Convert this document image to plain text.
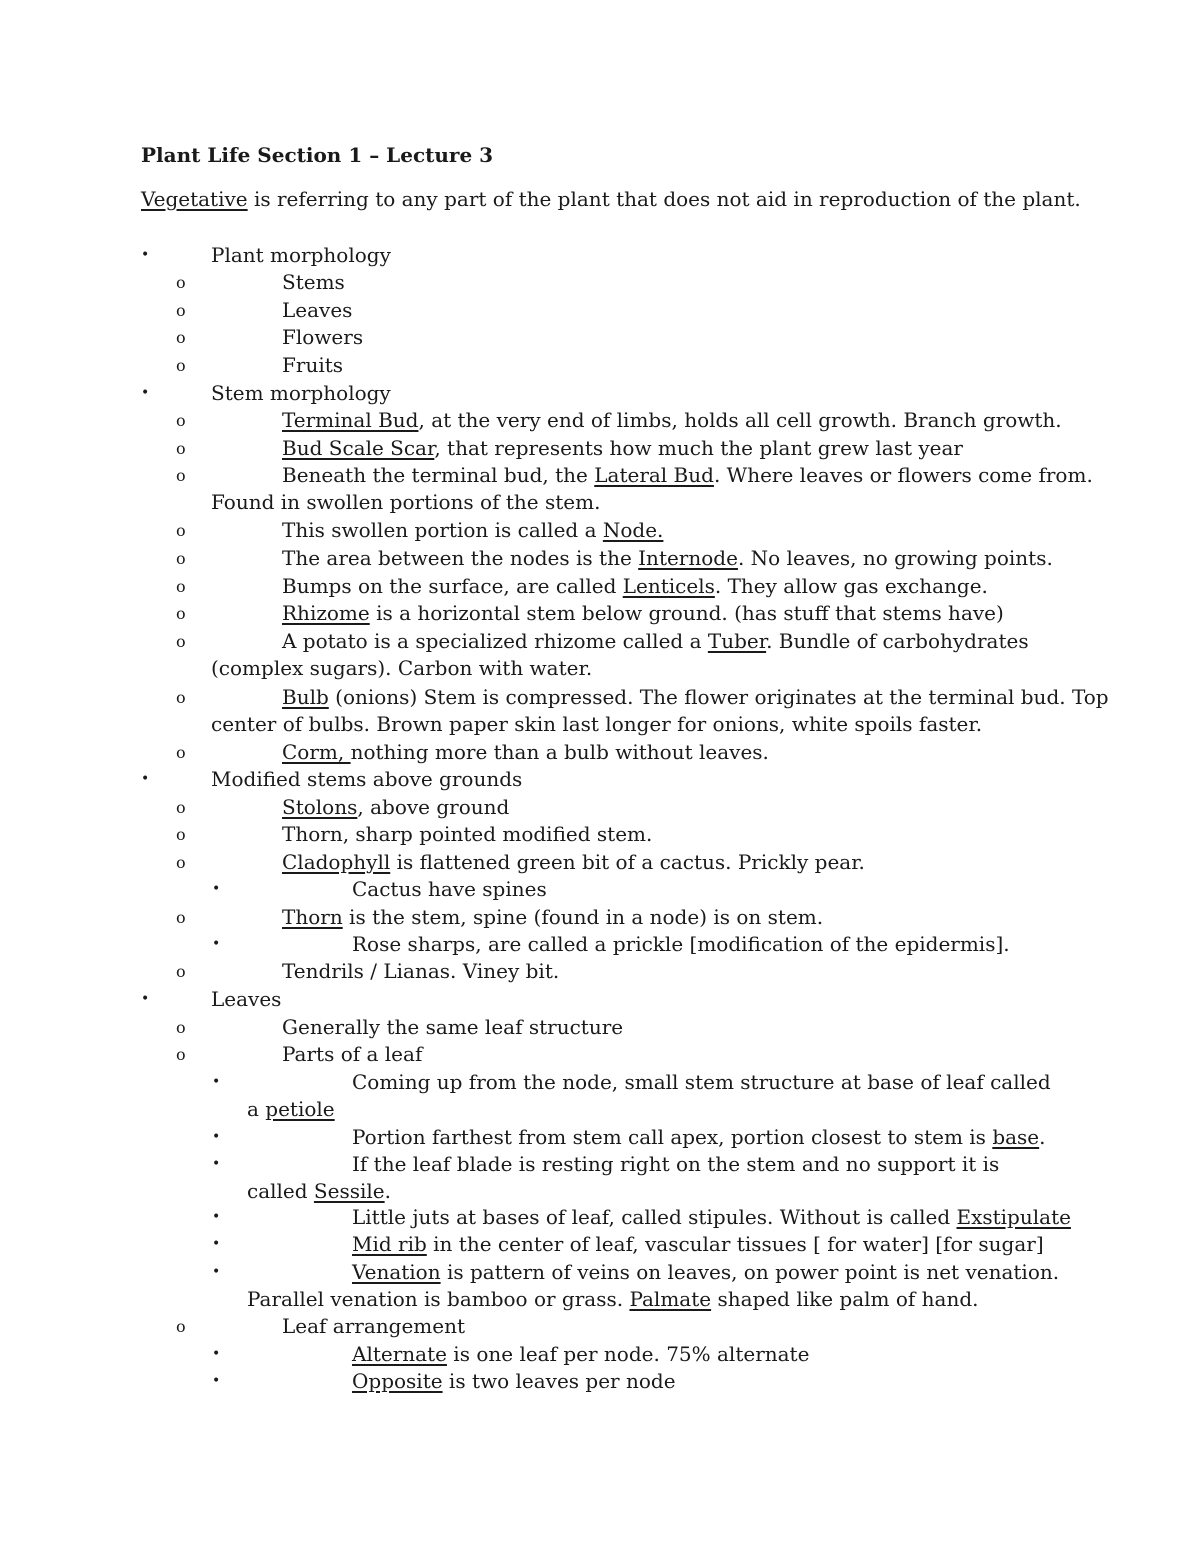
Plant Life Section 1 – Lecture 3
Vegetative is referring to any part of the plant that does not aid in reproduction of the plant.
•	Plant morphology
o	Stems
o	Leaves
o	Flowers
o	Fruits
•	Stem morphology
o	Terminal Bud, at the very end of limbs, holds all cell growth. Branch growth.
o	Bud Scale Scar, that represents how much the plant grew last year
o	Beneath the terminal bud, the Lateral Bud. Where leaves or flowers come from.
Found in swollen portions of the stem.
o	This swollen portion is called a Node.
o	The area between the nodes is the Internode. No leaves, no growing points.
o	Bumps on the surface, are called Lenticels. They allow gas exchange.
o	Rhizome is a horizontal stem below ground. (has stuff that stems have)
o	A potato is a specialized rhizome called a Tuber. Bundle of carbohydrates
(complex sugars). Carbon with water.
o	Bulb (onions) Stem is compressed. The flower originates at the terminal bud. Top
center of bulbs. Brown paper skin last longer for onions, white spoils faster.
o	Corm, nothing more than a bulb without leaves.
•	Modified stems above grounds
o	Stolons, above ground
o	Thorn, sharp pointed modified stem.
o	Cladophyll is flattened green bit of a cactus. Prickly pear.
•	Cactus have spines
o	Thorn is the stem, spine (found in a node) is on stem.
•	Rose sharps, are called a prickle [modification of the epidermis].
o	Tendrils / Lianas. Viney bit.
•	Leaves
o	Generally the same leaf structure
o	Parts of a leaf
•	Coming up from the node, small stem structure at base of leaf called
a petiole
•	Portion farthest from stem call apex, portion closest to stem is base.
•	If the leaf blade is resting right on the stem and no support it is
called Sessile.
•	Little juts at bases of leaf, called stipules. Without is called Exstipulate
•	Mid rib in the center of leaf, vascular tissues [ for water] [for sugar]
•	Venation is pattern of veins on leaves, on power point is net venation.
Parallel venation is bamboo or grass. Palmate shaped like palm of hand.
o	Leaf arrangement
•	Alternate is one leaf per node. 75% alternate
•	Opposite is two leaves per node
